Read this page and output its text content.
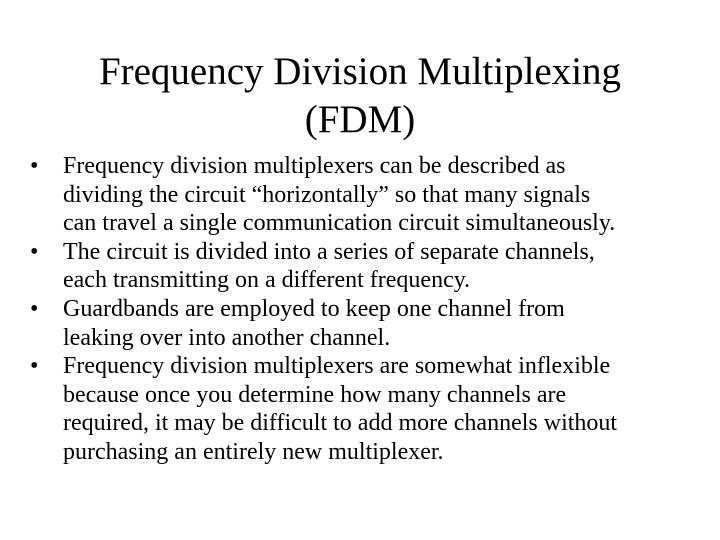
Frequency Division Multiplexing
(FDM)
• Frequency division multiplexers can be described as
dividing the circuit “horizontally” so that many signals
can travel a single communication circuit simultaneously.
• The circuit is divided into a series of separate channels,
each transmitting on a different frequency.
• Guardbands are employed to keep one channel from
leaking over into another channel.
• Frequency division multiplexers are somewhat inflexible
because once you determine how many channels are
required, it may be difficult to add more channels without
purchasing an entirely new multiplexer.
